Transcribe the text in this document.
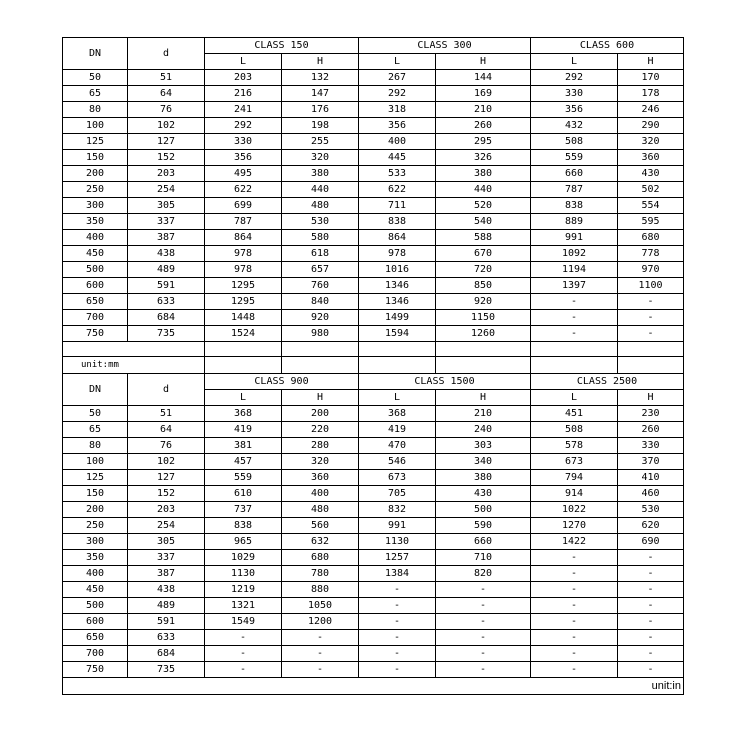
DN	d	CLASS 150		CLASS 300		CLASS 600	
		L	H	L	H	L	H
50	51	203	132	267	144	292	170
65	64	216	147	292	169	330	178
80	76	241	176	318	210	356	246
100	102	292	198	356	260	432	290
125	127	330	255	400	295	508	320
150	152	356	320	445	326	559	360
200	203	495	380	533	380	660	430
250	254	622	440	622	440	787	502
300	305	699	480	711	520	838	554
350	337	787	530	838	540	889	595
400	387	864	580	864	588	991	680
450	438	978	618	978	670	1092	778
500	489	978	657	1016	720	1194	970
600	591	1295	760	1346	850	1397	1100
650	633	1295	840	1346	920	-	-
700	684	1448	920	1499	1150	-	-
750	735	1524	980	1594	1260	-	-

unit:mm							
DN	d	CLASS 900		CLASS 1500		CLASS 2500	
		L	H	L	H	L	H
50	51	368	200	368	210	451	230
65	64	419	220	419	240	508	260
80	76	381	280	470	303	578	330
100	102	457	320	546	340	673	370
125	127	559	360	673	380	794	410
150	152	610	400	705	430	914	460
200	203	737	480	832	500	1022	530
250	254	838	560	991	590	1270	620
300	305	965	632	1130	660	1422	690
350	337	1029	680	1257	710	-	-
400	387	1130	780	1384	820	-	-
450	438	1219	880	-	-	-	-
500	489	1321	1050	-	-	-	-
600	591	1549	1200	-	-	-	-
650	633	-	-	-	-	-	-
700	684	-	-	-	-	-	-
750	735	-	-	-	-	-	-
unit:in							
